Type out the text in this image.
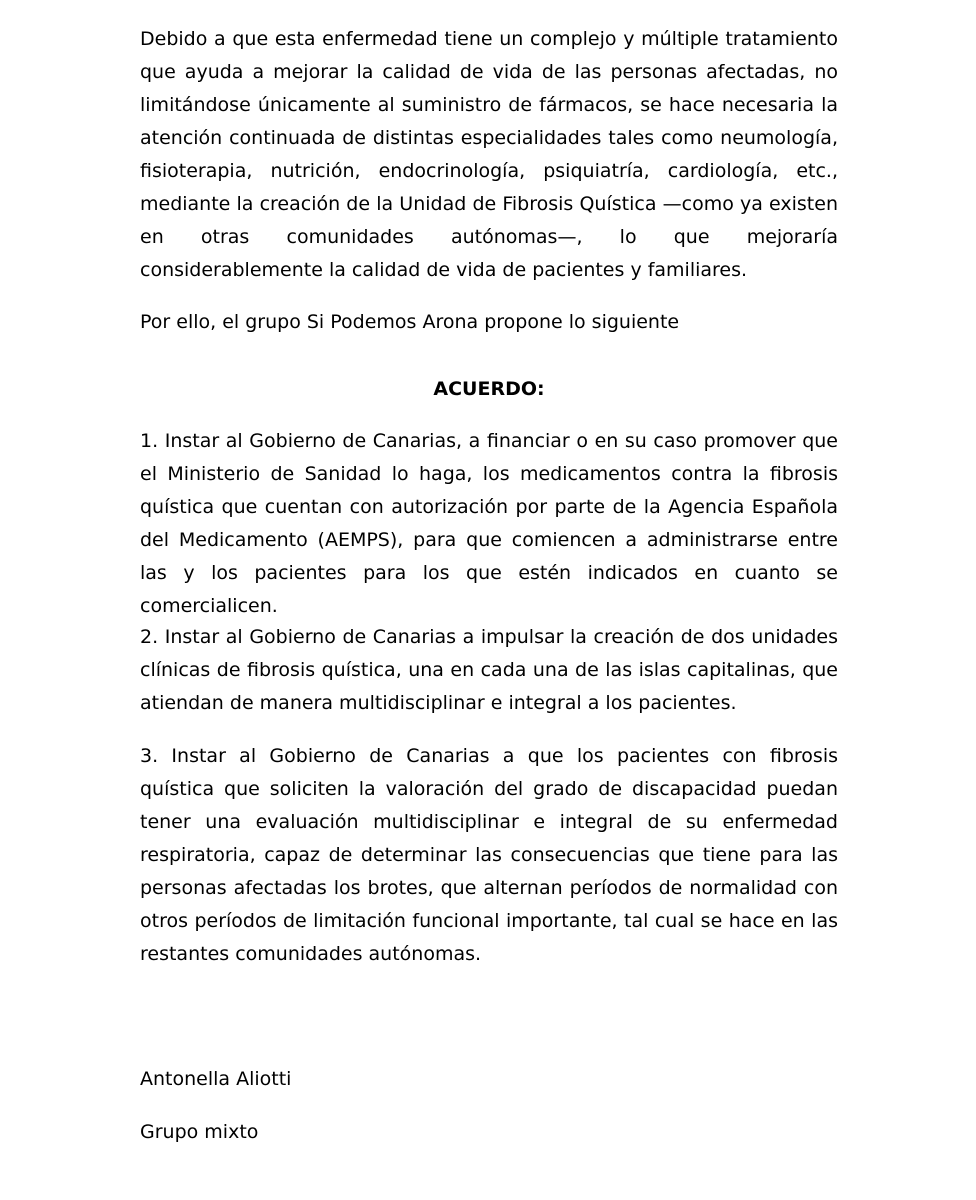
Debido a que esta enfermedad tiene un complejo y múltiple tratamiento que ayuda a mejorar la calidad de vida de las personas afectadas, no limitándose únicamente al suministro de fármacos, se hace necesaria la atención continuada de distintas especialidades tales como neumología, fisioterapia, nutrición, endocrinología, psiquiatría, cardiología, etc., mediante la creación de la Unidad de Fibrosis Quística —como ya existen en otras comunidades autónomas—, lo que mejoraría considerablemente la calidad de vida de pacientes y familiares.

Por ello, el grupo Si Podemos Arona propone lo siguiente

ACUERDO:

1. Instar al Gobierno de Canarias, a financiar o en su caso promover que el Ministerio de Sanidad lo haga, los medicamentos contra la fibrosis quística que cuentan con autorización por parte de la Agencia Española del Medicamento (AEMPS), para que comiencen a administrarse entre las y los pacientes para los que estén indicados en cuanto se comercialicen.

2. Instar al Gobierno de Canarias a impulsar la creación de dos unidades clínicas de fibrosis quística, una en cada una de las islas capitalinas, que atiendan de manera multidisciplinar e integral a los pacientes.

3. Instar al Gobierno de Canarias a que los pacientes con fibrosis quística que soliciten la valoración del grado de discapacidad puedan tener una evaluación multidisciplinar e integral de su enfermedad respiratoria, capaz de determinar las consecuencias que tiene para las personas afectadas los brotes, que alternan períodos de normalidad con otros períodos de limitación funcional importante, tal cual se hace en las restantes comunidades autónomas.

Antonella Aliotti

Grupo mixto
